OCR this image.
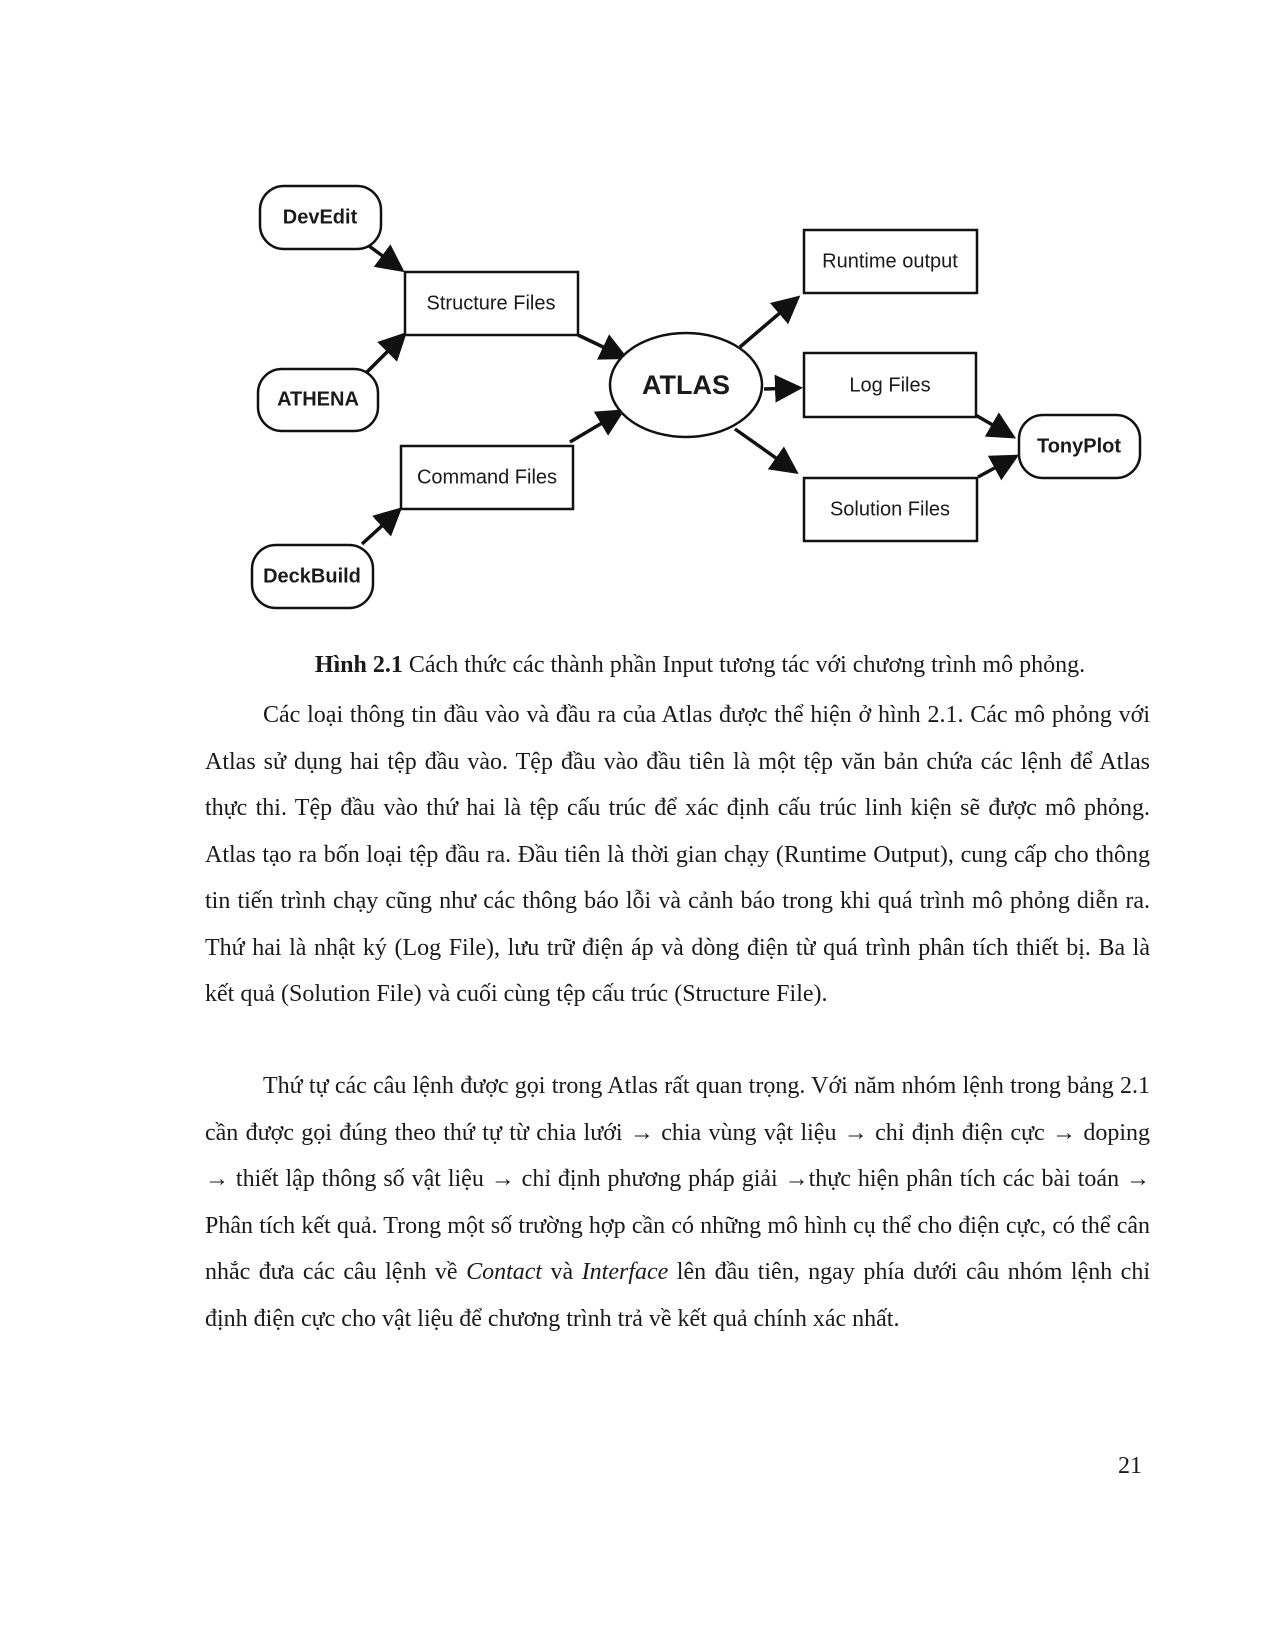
DevEdit
ATHENA
DeckBuild
TonyPlot
Structure Files
Command Files
Runtime output
Log Files
Solution Files
ATLAS
Hình 2.1 Cách thức các thành phần Input tương tác với chương trình mô phỏng.

Các loại thông tin đầu vào và đầu ra của Atlas được thể hiện ở hình 2.1. Các mô phỏng với Atlas sử dụng hai tệp đầu vào. Tệp đầu vào đầu tiên là một tệp văn bản chứa các lệnh để Atlas thực thi. Tệp đầu vào thứ hai là tệp cấu trúc để xác định cấu trúc linh kiện sẽ được mô phỏng. Atlas tạo ra bốn loại tệp đầu ra. Đầu tiên là thời gian chạy (Runtime Output), cung cấp cho thông tin tiến trình chạy cũng như các thông báo lỗi và cảnh báo trong khi quá trình mô phỏng diễn ra. Thứ hai là nhật ký (Log File), lưu trữ điện áp và dòng điện từ quá trình phân tích thiết bị. Ba là kết quả (Solution File) và cuối cùng tệp cấu trúc (Structure File).

Thứ tự các câu lệnh được gọi trong Atlas rất quan trọng. Với năm nhóm lệnh trong bảng 2.1 cần được gọi đúng theo thứ tự từ chia lưới → chia vùng vật liệu → chỉ định điện cực → doping → thiết lập thông số vật liệu → chỉ định phương pháp giải →thực hiện phân tích các bài toán → Phân tích kết quả. Trong một số trường hợp cần có những mô hình cụ thể cho điện cực, có thể cân nhắc đưa các câu lệnh về Contact và Interface lên đầu tiên, ngay phía dưới câu nhóm lệnh chỉ định điện cực cho vật liệu để chương trình trả về kết quả chính xác nhất.

21
